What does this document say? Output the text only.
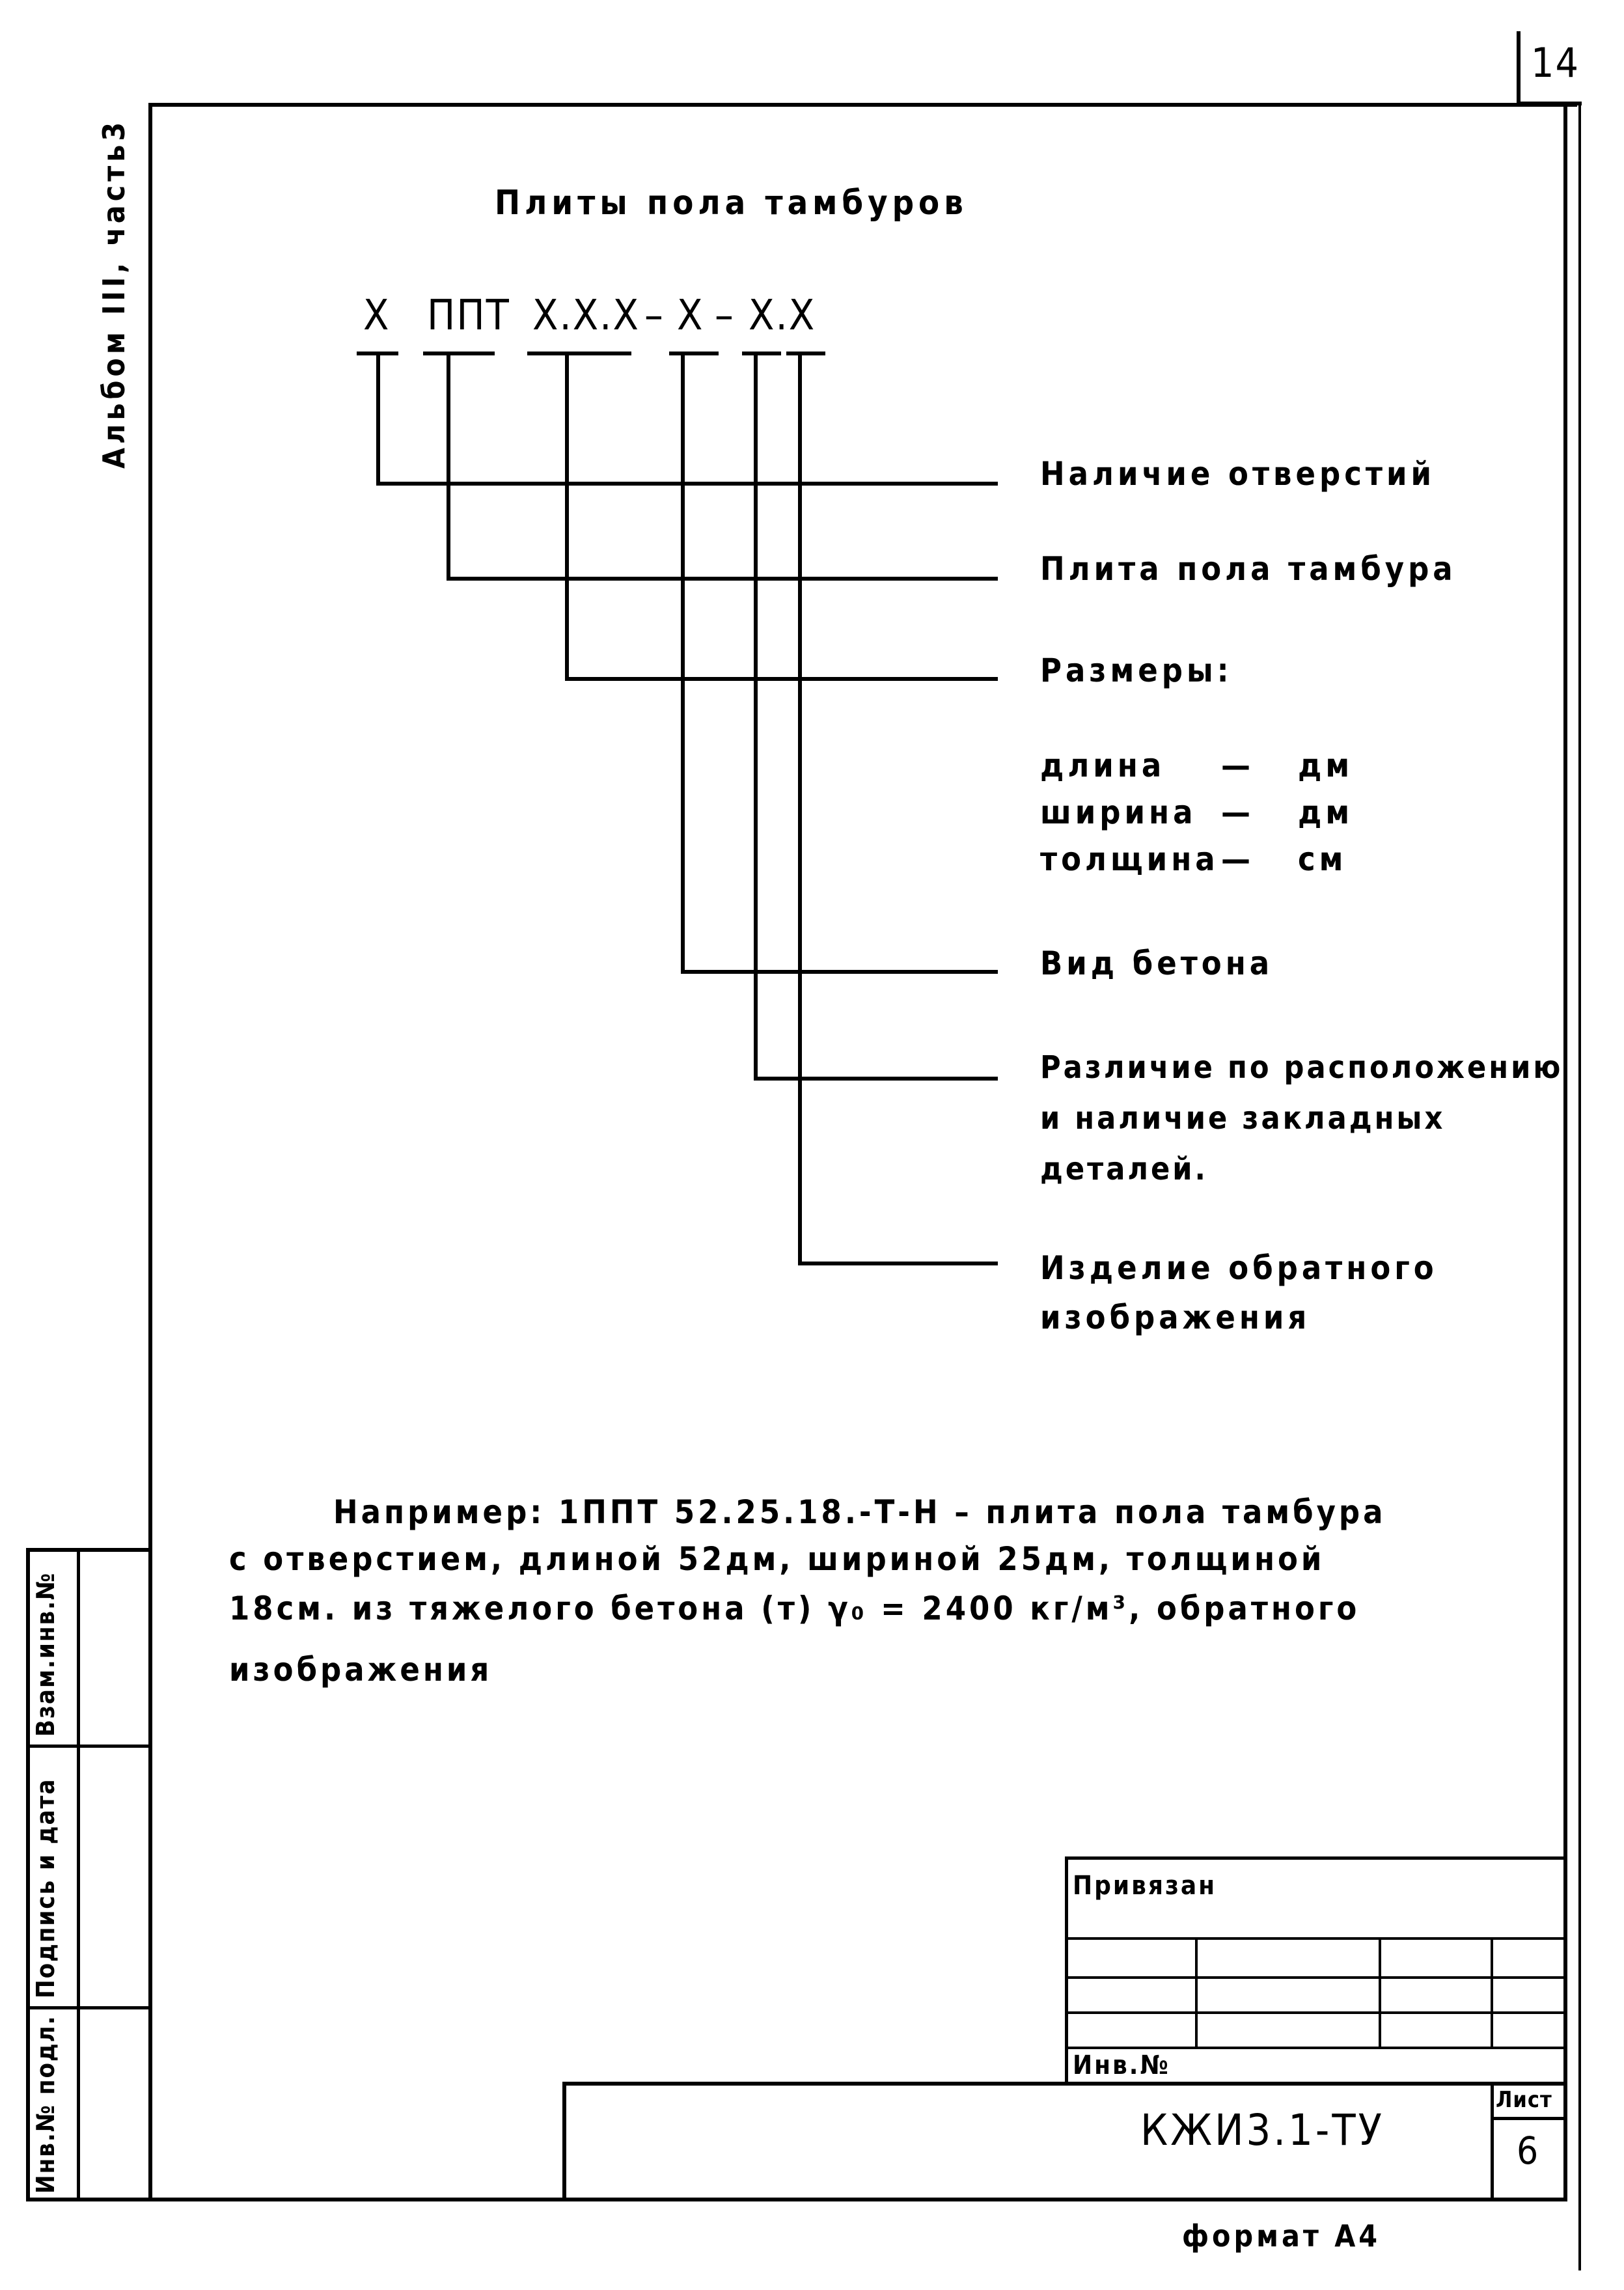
14
Альбом III, часть3	Плиты пола тамбуров
Х ППТ Х.Х.Х – Х – Х.Х
Наличие отверстий
Плита пола тамбура
Размеры:
длина — дм
ширина — дм
толщина — см
Вид бетона
Различие по расположению
и наличие закладных
деталей.
Изделие обратного
изображения
Например: 1ППТ 52.25.18.-Т-Н – плита пола тамбура
с отверстием, длиной 52дм, шириной 25дм, толщиной
18см. из тяжелого бетона (т) γ₀ = 2400 кг/м³, обратного
изображения
Взам.инв.№
Подпись и дата
Инв.№ подл.
Привязан
Инв.№
КЖИ3.1-ТУ
Лист
6
формат А4
